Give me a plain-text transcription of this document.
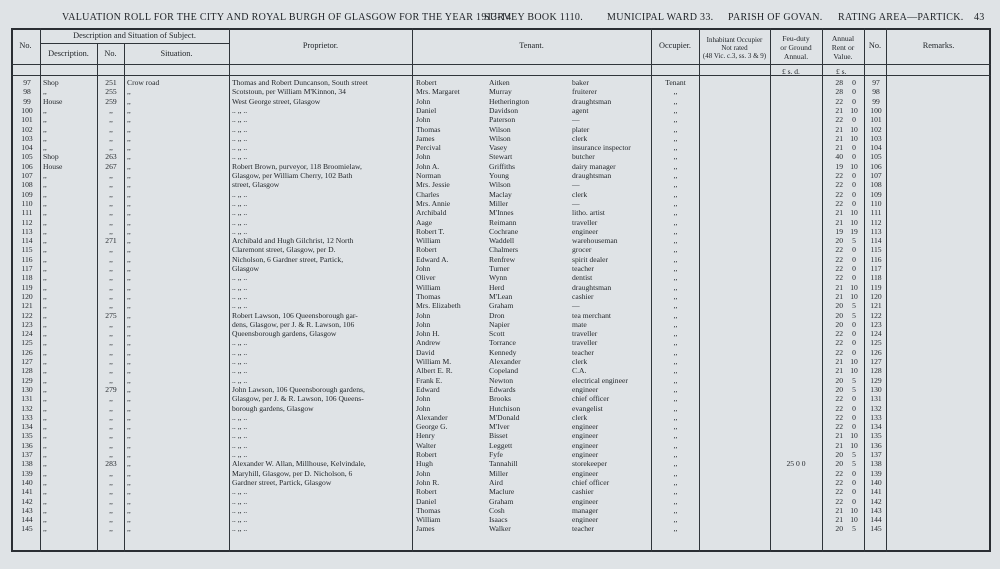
VALUATION ROLL FOR THE CITY AND ROYAL BURGH OF GLASGOW FOR THE YEAR 1913-14
SURVEY BOOK 1110. MUNICIPAL WARD 33. PARISH OF GOVAN. RATING AREA—PARTICK. 43
No.
Description and Situation of Subject.
Description.	No.	Situation.
Proprietor.	Tenant.	Occupier.
Inhabitant Occupier
Not rated
(48 Vic. c.3, ss. 3 & 9)
Feu-duty
or Ground
Annual.
Annual
Rent or
Value.
No.	Remarks.
£ s. d.	£ s.
97	Shop	251	Crow road	Thomas and Robert Duncanson, South street	Robert	Aitken	baker	Tenant	28	0	97
98	,,	255	,,	Scotstoun, per William M'Kinnon, 34	Mrs. Margaret	Murray	fruiterer	,,	28	0	98
99	House	259	,,	West George street, Glasgow	John	Hetherington	draughtsman	,,	22	0	99
100	,,	,,	,,	.. ,, ..	Daniel	Davidson	agent	,,	21 10	100
101	,,	,,	,,	.. ,, ..	John	Paterson	—	,,	22	0	101
102	,,	,,	,,	.. ,, ..	Thomas	Wilson	plater	,,	21 10	102
103	,,	,,	,,	.. ,, ..	James	Wilson	clerk	,,	21 10	103
104	,,	,,	,,	.. ,, ..	Percival	Vasey	insurance inspector	,,	21	0	104
105	Shop	263	,,	.. ,, ..	John	Stewart	butcher	,,	40	0	105
106	House	267	,,	Robert Brown, purveyor, 118 Broomielaw,	John A.	Griffiths	dairy manager	,,	19 10	106
107	,,	,,	,,	Glasgow, per William Cherry, 102 Bath	Norman	Young	draughtsman	,,	22	0	107
108	,,	,,	,,	street, Glasgow	Mrs. Jessie	Wilson	—	,,	22	0	108
109	,,	,,	,,	.. ,, ..	Charles	Maclay	clerk	,,	22	0	109
110	,,	,,	,,	.. ,, ..	Mrs. Annie	Miller	—	,,	22	0	110
111	,,	,,	,,	.. ,, ..	Archibald	M'Innes	litho. artist	,,	21 10	111
112	,,	,,	,,	.. ,, ..	Aage	Reimann	traveller	,,	21 10	112
113	,,	,,	,,	.. ,, ..	Robert T.	Cochrane	engineer	,,	19 19	113
114	,,	271	,,	Archibald and Hugh Gilchrist, 12 North	William	Waddell	warehouseman	,,	20	5	114
115	,,	,,	,,	Claremont street, Glasgow, per D.	Robert	Chalmers	grocer	,,	22	0	115
116	,,	,,	,,	Nicholson, 6 Gardner street, Partick,	Edward A.	Renfrew	spirit dealer	,,	22	0	116
117	,,	,,	,,	Glasgow	John	Turner	teacher	,,	22	0	117
118	,,	,,	,,	.. ,, ..	Oliver	Wynn	dentist	,,	22	0	118
119	,,	,,	,,	.. ,, ..	William	Herd	draughtsman	,,	21 10	119
120	,,	,,	,,	.. ,, ..	Thomas	M'Lean	cashier	,,	21 10	120
121	,,	,,	,,	.. ,, ..	Mrs. Elizabeth	Graham	—	,,	20	5	121
122	,,	275	,,	Robert Lawson, 106 Queensborough gar-	John	Dron	tea merchant	,,	20	5	122
123	,,	,,	,,	dens, Glasgow, per J. & R. Lawson, 106	John	Napier	mate	,,	20	0	123
124	,,	,,	,,	Queensborough gardens, Glasgow	John H.	Scott	traveller	,,	22	0	124
125	,,	,,	,,	.. ,, ..	Andrew	Torrance	traveller	,,	22	0	125
126	,,	,,	,,	.. ,, ..	David	Kennedy	teacher	,,	22	0	126
127	,,	,,	,,	.. ,, ..	William M.	Alexander	clerk	,,	21 10	127
128	,,	,,	,,	.. ,, ..	Albert E. R.	Copeland	C.A.	,,	21 10	128
129	,,	,,	,,	.. ,, ..	Frank E.	Newton	electrical engineer	,,	20	5	129
130	,,	279	,,	John Lawson, 106 Queensborough gardens,	Edward	Edwards	engineer	,,	20	5	130
131	,,	,,	,,	Glasgow, per J. & R. Lawson, 106 Queens-	John	Brooks	chief officer	,,	22	0	131
132	,,	,,	,,	borough gardens, Glasgow	John	Hutchison	evangelist	,,	22	0	132
133	,,	,,	,,	.. ,, ..	Alexander	M'Donald	clerk	,,	22	0	133
134	,,	,,	,,	.. ,, ..	George G.	M'Iver	engineer	,,	22	0	134
135	,,	,,	,,	.. ,, ..	Henry	Bisset	engineer	,,	21 10	135
136	,,	,,	,,	.. ,, ..	Walter	Leggett	engineer	,,	21 10	136
137	,,	,,	,,	.. ,, ..	Robert	Fyfe	engineer	,,	20	5	137
138	,,	283	,,	Alexander W. Allan, Millhouse, Kelvindale,	Hugh	Tannahill	storekeeper	,,	25 0 0	20	5	138
139	,,	,,	,,	Maryhill, Glasgow, per D. Nicholson, 6	John	Miller	engineer	,,	22	0	139
140	,,	,,	,,	Gardner street, Partick, Glasgow	John R.	Aird	chief officer	,,	22	0	140
141	,,	,,	,,	.. ,, ..	Robert	Maclure	cashier	,,	22	0	141
142	,,	,,	,,	.. ,, ..	Daniel	Graham	engineer	,,	22	0	142
143	,,	,,	,,	.. ,, ..	Thomas	Cosh	manager	,,	21 10	143
144	,,	,,	,,	.. ,, ..	William	Isaacs	engineer	,,	21 10	144
145	,,	,,	,,	.. ,, ..	James	Walker	teacher	,,	20	5	145
